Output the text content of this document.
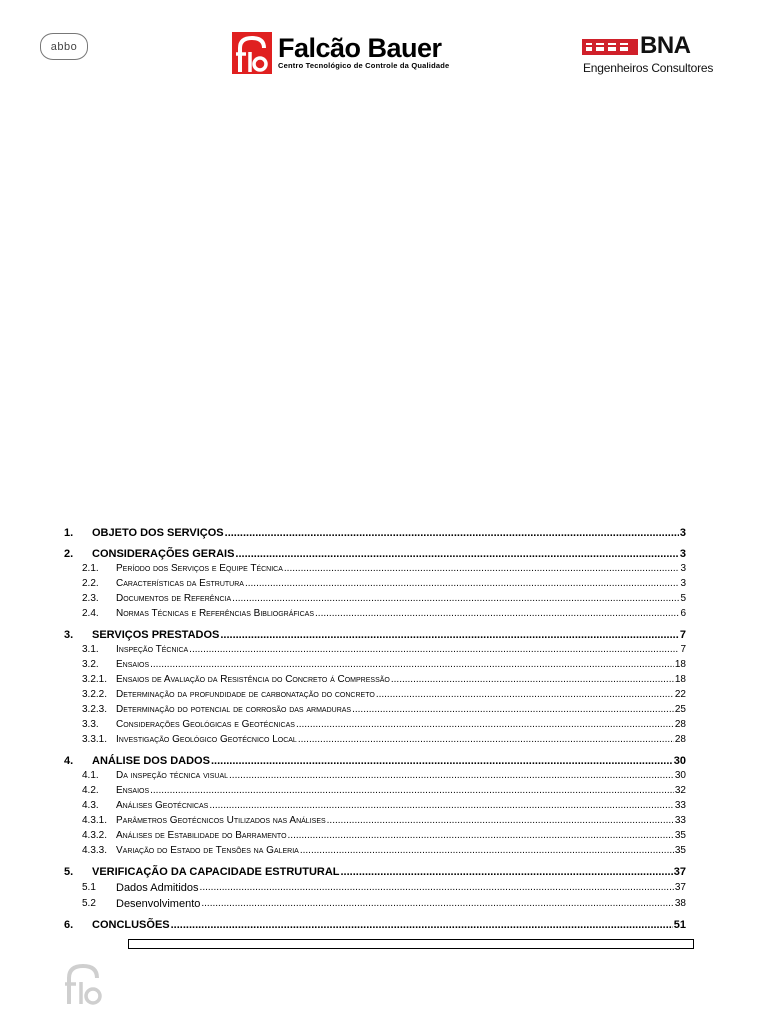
abbo	Falcão Bauer
Centro Tecnológico de Controle da Qualidade
BNA
Engenheiros Consultores
1.	OBJETO DOS SERVIÇOS .....	3
2.	CONSIDERAÇÕES GERAIS .....	3
2.1.	Período dos Serviços e Equipe Técnica .....	3
2.2.	Características da Estrutura .....	3
2.3.	Documentos de Referência .....	5
2.4.	Normas Técnicas e Referências Bibliográficas .....	6
3.	SERVIÇOS PRESTADOS .....	7
3.1.	Inspeção Técnica .....	7
3.2.	Ensaios .....	18
3.2.1. Ensaios de Avaliação da Resistência do Concreto á Compressão .....	18
3.2.2. Determinação da profundidade de carbonatação do concreto .....	22
3.2.3. Determinação do potencial de corrosão das armaduras .....	25
3.3.	Considerações Geológicas e Geotécnicas .....	28
3.3.1. Investigação Geológico Geotécnico Local .....	28
4.	ANÁLISE DOS DADOS .....	30
4.1.	Da inspeção técnica visual .....	30
4.2.	Ensaios .....	32
4.3.	Análises Geotécnicas .....	33
4.3.1. Parâmetros Geotécnicos Utilizados nas Análises .....	33
4.3.2. Análises de Estabilidade do Barramento .....	35
4.3.3. Variação do Estado de Tensões na Galeria .....	35
5.	VERIFICAÇÃO DA CAPACIDADE ESTRUTURAL .....	37
5.1	Dados Admitidos .....	37
5.2	Desenvolvimento .....	38
6.	CONCLUSÕES .....	51
